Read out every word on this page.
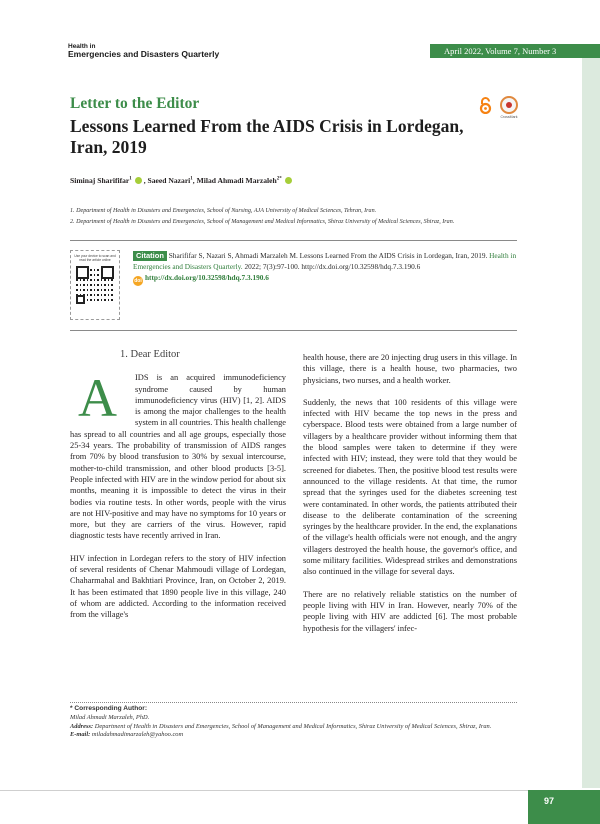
Health in
Emergencies and Disasters Quarterly	April 2022, Volume 7, Number 3
Letter to the Editor
Lessons Learned From the AIDS Crisis in Lordegan, Iran, 2019
CrossMark
Siminaj Sharififar$^1$ , Saeed Nazari$^1$, Milad Ahmadi Marzaleh$^{2*}$
1. Department of Health in Disasters and Emergencies, School of Nursing, AJA University of Medical Sciences, Tehran, Iran.
2. Department of Health in Disasters and Emergencies, School of Management and Medical Informatics, Shiraz University of Medical Sciences, Shiraz, Iran.
Use your device to scan and read the article online	Citation Sharififar S, Nazari S, Ahmadi Marzaleh M. Lessons Learned From the AIDS Crisis in Lordegan, Iran, 2019. Health in Emergencies and Disasters Quarterly. 2022; 7(3):97-100. http://dx.doi.org/10.32598/hdq.7.3.190.6
doi http://dx.doi.org/10.32598/hdq.7.3.190.6
1. Dear Editor

A IDS is an acquired immunodeficiency syndrome caused by human immunodeficiency virus (HIV) [1, 2]. AIDS is among the major challenges to the health system in all countries. This health challenge has spread to all countries and all age groups, especially those 25-34 years. The probability of transmission of AIDS ranges from 70% by blood transfusion to 30% by sexual intercourse, mother-to-child transmission, and other blood products [3-5]. People infected with HIV are in the window period for about six months, meaning it is impossible to detect the virus in their bodies via routine tests. In other words, people with the virus are not HIV-positive and may have no symptoms for 10 years or more, but they are carriers of the virus. However, rapid diagnostic tests have recently arrived in Iran.

HIV infection in Lordegan refers to the story of HIV infection of several residents of Chenar Mahmoudi village of Lordegan, Chaharmahal and Bakhtiari Province, Iran, on October 2, 2019. It has been estimated that 1890 people live in this village, 240 of whom are addicted. According to the information received from the village's

health house, there are 20 injecting drug users in this village. In this village, there is a health house, two pharmacies, two physicians, two nurses, and a health worker.

Suddenly, the news that 100 residents of this village were infected with HIV became the top news in the press and cyberspace. Blood tests were obtained from a large number of villagers by a healthcare provider without informing them that the blood samples were taken to determine if they were infected with HIV; instead, they were told that they would be screened for diabetes. Then, the positive blood test results were announced to the village residents. At that time, the rumor spread that the syringes used for the diabetes screening test were contaminated. In other words, the patients attributed their disease to the deliberate contamination of the screening syringes by the healthcare provider. In the end, the explanations of the village's health officials were not enough, and the angry villagers destroyed the health house, the governor's office, and some military facilities. Widespread strikes and demonstrations also continued in the village for several days.

There are no relatively reliable statistics on the number of people living with HIV in Iran. However, nearly 70% of the people living with HIV are addicted [6]. The most probable hypothesis for the villagers' infec-

* Corresponding Author:
Milad Ahmadi Marzaleh, PhD.
Address: Department of Health in Disasters and Emergencies, School of Management and Medical Informatics, Shiraz University of Medical Sciences, Shiraz, Iran.
E-mail: miladahmadimarzaleh@yahoo.com
97
